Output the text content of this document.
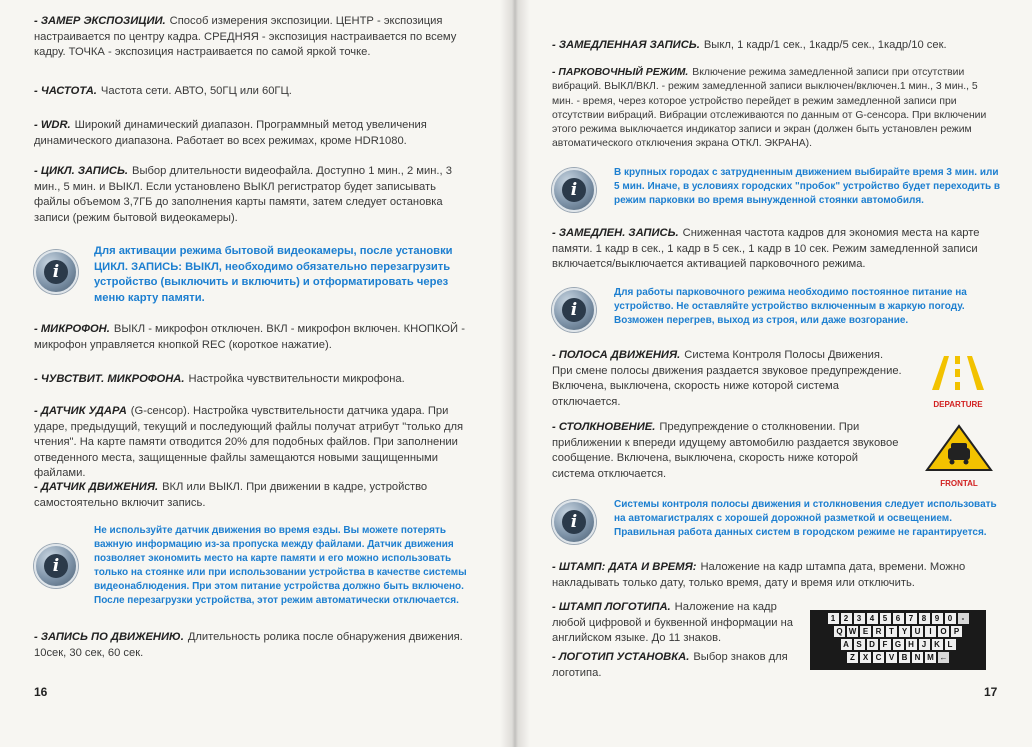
- ЗАМЕР ЭКСПОЗИЦИИ. Способ измерения экспозиции. ЦЕНТР - экспозиция настраивается по центру кадра. СРЕДНЯЯ - экспозиция настраивается по всему кадру. ТОЧКА - экспозиция настраивается по самой яркой точке.
- ЧАСТОТА. Частота сети. АВТО, 50ГЦ или 60ГЦ.
- WDR. Широкий динамический диапазон. Программный метод увеличения динамического диапазона. Работает во всех режимах, кроме HDR1080.
- ЦИКЛ. ЗАПИСЬ. Выбор длительности видеофайла. Доступно 1 мин., 2 мин., 3 мин., 5 мин. и ВЫКЛ. Если установлено ВЫКЛ регистратор будет записывать файлы объемом 3,7ГБ до заполнения карты памяти, затем следует остановка записи (режим бытовой видеокамеры).
i
Для активации режима бытовой видеокамеры, после установки ЦИКЛ. ЗАПИСЬ: ВЫКЛ, необходимо обязательно перезагрузить устройство (выключить и включить) и отформатировать через меню карту памяти.
- МИКРОФОН. ВЫКЛ - микрофон отключен. ВКЛ - микрофон включен. КНОПКОЙ - микрофон управляется кнопкой REC (короткое нажатие).
- ЧУВСТВИТ. МИКРОФОНА. Настройка чувствительности микрофона.
- ДАТЧИК УДАРА (G-сенсор). Настройка чувствительности датчика удара. При ударе, предыдущий, текущий и последующий файлы получат атрибут "только для чтения". На карте памяти отводится 20% для подобных файлов. При заполнении отведенного места, защищенные файлы замещаются новыми защищенными файлами.
- ДАТЧИК ДВИЖЕНИЯ. ВКЛ или ВЫКЛ. При движении в кадре, устройство самостоятельно включит запись.
i
Не используйте датчик движения во время езды. Вы можете потерять важную информацию из-за пропуска между файлами. Датчик движения позволяет экономить место на карте памяти и его можно использовать только на стоянке или при использовании устройства в качестве системы видеонаблюдения. При этом питание устройства должно быть включено. После перезагрузки устройства, этот режим автоматически отключается.
- ЗАПИСЬ ПО ДВИЖЕНИЮ. Длительность ролика после обнаружения движения. 10сек, 30 сек, 60 сек.
16
- ЗАМЕДЛЕННАЯ ЗАПИСЬ. Выкл, 1 кадр/1 сек., 1кадр/5 сек., 1кадр/10 сек.
- ПАРКОВОЧНЫЙ РЕЖИМ. Включение режима замедленной записи при отсутствии вибраций. ВЫКЛ/ВКЛ. - режим замедленной записи выключен/включен.1 мин., 3 мин., 5 мин. - время, через которое устройство перейдет в режим замедленной записи при отсутствии вибраций. Вибрации отслеживаются по данным от G-сенсора. При включении этого режима выключается индикатор записи и экран (должен быть установлен режим автоматического отключения экрана ОТКЛ. ЭКРАНА).
i
В крупных городах с затрудненным движением выбирайте время 3 мин. или 5 мин. Иначе, в условиях городских "пробок" устройство будет переходить в режим парковки во время вынужденной стоянки автомобиля.
- ЗАМЕДЛЕН. ЗАПИСЬ. Сниженная частота кадров для экономия места на карте памяти. 1 кадр в сек., 1 кадр в 5 сек., 1 кадр в 10 сек. Режим замедленной записи включается/выключается активацией парковочного режима.
i
Для работы парковочного режима необходимо постоянное питание на устройство. Не оставляйте устройство включенным в жаркую погоду. Возможен перегрев, выход из строя, или даже возгорание.
- ПОЛОСА ДВИЖЕНИЯ. Система Контроля Полосы Движения. При смене полосы движения раздается звуковое предупреждение. Включена, выключена, скорость ниже которой система отключается.	DEPARTURE
- СТОЛКНОВЕНИЕ. Предупреждение о столкновении. При приближении к впереди идущему автомобилю раздается звуковое сообщение. Включена, выключена, скорость ниже которой система отключается.
FRONTAL
i
Системы контроля полосы движения и столкновения следует использовать на автомагистралях с хорошей дорожной разметкой и освещением. Правильная работа данных систем в городском режиме не гарантируется.
- ШТАМП: ДАТА И ВРЕМЯ: Наложение на кадр штампа дата, времени. Можно накладывать только дату, только время, дату и время или отключить.
- ШТАМП ЛОГОТИПА. Наложение на кадр любой цифровой и буквенной информации на английском языке. До 11 знаков.
- ЛОГОТИП УСТАНОВКА. Выбор знаков для логотипа.
1	2	3	4	5	6	7	8	9	0	-
Q W E R T Y U	I	O P
A S D F G H J K L
Z X C V B N M ←
17
